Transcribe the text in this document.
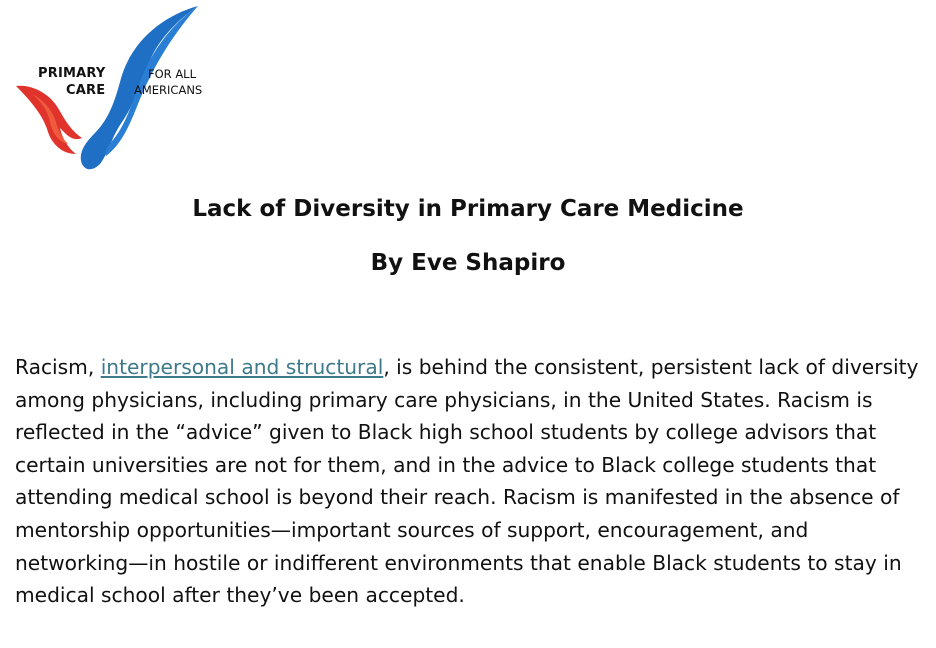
PRIMARY
CARE
FOR ALL
AMERICANS
Lack of Diversity in Primary Care Medicine
By Eve Shapiro

Racism, interpersonal and structural, is behind the consistent, persistent lack of diversity among physicians, including primary care physicians, in the United States. Racism is reflected in the “advice” given to Black high school students by college advisors that certain universities are not for them, and in the advice to Black college students that attending medical school is beyond their reach. Racism is manifested in the absence of mentorship opportunities—important sources of support, encouragement, and networking—in hostile or indifferent environments that enable Black students to stay in medical school after they’ve been accepted.
